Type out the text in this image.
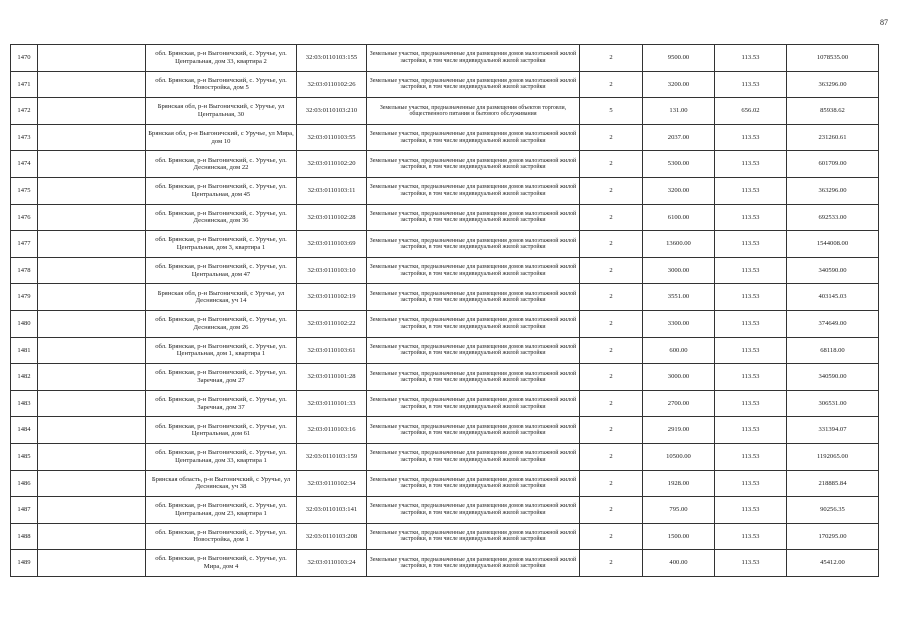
87
1470		обл. Брянская, р-н Выгоничский, с. Уручье, ул. Центральная, дом 33, квартира 2	32:03:0110103:155	Земельные участки, предназначенные для размещения домов малоэтажной жилой застройки, в том числе индивидуальной жилой застройки	2	9500.00	113.53	1078535.00
1471		обл. Брянская, р-н Выгоничский, с. Уручье, ул. Новостройка, дом 5	32:03:0110102:26	Земельные участки, предназначенные для размещения домов малоэтажной жилой застройки, в том числе индивидуальной жилой застройки	2	3200.00	113.53	363296.00
1472		Брянская обл, р-н Выгоничский, с Уручье, ул Центральная, 30	32:03:0110103:210	Земельные участки, предназначенные для размещения объектов торговли, общественного питания и бытового обслуживания	5	131.00	656.02	85938.62
1473		Брянская обл, р-н Выгоничский, с Уручье, ул Мира, дом 10	32:03:0110103:55	Земельные участки, предназначенные для размещения домов малоэтажной жилой застройки, в том числе индивидуальной жилой застройки	2	2037.00	113.53	231260.61
1474		обл. Брянская, р-н Выгоничский, с. Уручье, ул. Деснянская, дом 22	32:03:0110102:20	Земельные участки, предназначенные для размещения домов малоэтажной жилой застройки, в том числе индивидуальной жилой застройки	2	5300.00	113.53	601709.00
1475		обл. Брянская, р-н Выгоничский, с. Уручье, ул. Центральная, дом 45	32:03:0110103:11	Земельные участки, предназначенные для размещения домов малоэтажной жилой застройки, в том числе индивидуальной жилой застройки	2	3200.00	113.53	363296.00
1476		обл. Брянская, р-н Выгоничский, с. Уручье, ул. Деснянская, дом 36	32:03:0110102:28	Земельные участки, предназначенные для размещения домов малоэтажной жилой застройки, в том числе индивидуальной жилой застройки	2	6100.00	113.53	692533.00
1477		обл. Брянская, р-н Выгоничский, с. Уручье, ул. Центральная, дом 3, квартира 1	32:03:0110103:69	Земельные участки, предназначенные для размещения домов малоэтажной жилой застройки, в том числе индивидуальной жилой застройки	2	13600.00	113.53	1544008.00
1478		обл. Брянская, р-н Выгоничский, с. Уручье, ул. Центральная, дом 47	32:03:0110103:10	Земельные участки, предназначенные для размещения домов малоэтажной жилой застройки, в том числе индивидуальной жилой застройки	2	3000.00	113.53	340590.00
1479		Брянская обл, р-н Выгоничский, с Уручье, ул Деснянская, уч 14	32:03:0110102:19	Земельные участки, предназначенные для размещения домов малоэтажной жилой застройки, в том числе индивидуальной жилой застройки	2	3551.00	113.53	403145.03
1480		обл. Брянская, р-н Выгоничский, с. Уручье, ул. Деснянская, дом 26	32:03:0110102:22	Земельные участки, предназначенные для размещения домов малоэтажной жилой застройки, в том числе индивидуальной жилой застройки	2	3300.00	113.53	374649.00
1481		обл. Брянская, р-н Выгоничский, с. Уручье, ул. Центральная, дом 1, квартира 1	32:03:0110103:61	Земельные участки, предназначенные для размещения домов малоэтажной жилой застройки, в том числе индивидуальной жилой застройки	2	600.00	113.53	68118.00
1482		обл. Брянская, р-н Выгоничский, с. Уручье, ул. Заречная, дом 27	32:03:0110101:28	Земельные участки, предназначенные для размещения домов малоэтажной жилой застройки, в том числе индивидуальной жилой застройки	2	3000.00	113.53	340590.00
1483		обл. Брянская, р-н Выгоничский, с. Уручье, ул. Заречная, дом 37	32:03:0110101:33	Земельные участки, предназначенные для размещения домов малоэтажной жилой застройки, в том числе индивидуальной жилой застройки	2	2700.00	113.53	306531.00
1484		обл. Брянская, р-н Выгоничский, с. Уручье, ул. Центральная, дом 61	32:03:0110103:16	Земельные участки, предназначенные для размещения домов малоэтажной жилой застройки, в том числе индивидуальной жилой застройки	2	2919.00	113.53	331394.07
1485		обл. Брянская, р-н Выгоничский, с. Уручье, ул. Центральная, дом 33, квартира 1	32:03:0110103:159	Земельные участки, предназначенные для размещения домов малоэтажной жилой застройки, в том числе индивидуальной жилой застройки	2	10500.00	113.53	1192065.00
1486		Брянская область, р-н Выгоничский, с Уручье, ул Деснянская, уч 38	32:03:0110102:34	Земельные участки, предназначенные для размещения домов малоэтажной жилой застройки, в том числе индивидуальной жилой застройки	2	1928.00	113.53	218885.84
1487		обл. Брянская, р-н Выгоничский, с. Уручье, ул. Центральная, дом 23, квартира 1	32:03:0110103:141	Земельные участки, предназначенные для размещения домов малоэтажной жилой застройки, в том числе индивидуальной жилой застройки	2	795.00	113.53	90256.35
1488		обл. Брянская, р-н Выгоничский, с. Уручье, ул. Новостройка, дом 1	32:03:0110103:208	Земельные участки, предназначенные для размещения домов малоэтажной жилой застройки, в том числе индивидуальной жилой застройки	2	1500.00	113.53	170295.00
1489		обл. Брянская, р-н Выгоничский, с. Уручье, ул. Мира, дом 4	32:03:0110103:24	Земельные участки, предназначенные для размещения домов малоэтажной жилой застройки, в том числе индивидуальной жилой застройки	2	400.00	113.53	45412.00
